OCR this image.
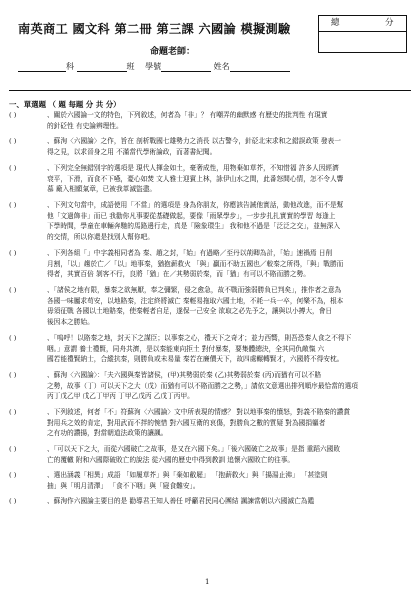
南英商工 國文科 第二冊 第三課 六國論 模擬測驗	總	分
命題老師：
科	班 學號	姓名
一、單選題 （ 題 每題 分 共 分）
( )	、關於六國論一文的特色，下列敘述，何者為「非」？ 有嘲弄的幽默感 有歷史的批判性 有現實
的針砭性 有史論辨理性。
( )	、蘇洵〈六國論〉之作，旨在 剖析戰國七雄勢力之消長 以古警今，針砭北宋求和之錯誤政策 發表一
得之見，以求晉身之用 不滿當代學術論政，而著書紀聞。
( )	、下列完全無錯別字的選項是 現代人揮金如土，豪奢成性，用物棄如草芥，不知惜福 許多人因經濟
衰平，下滑，而食不下嚥，憂心如焚 文人雅士迎賓上林，詠伊山水之間，此番怒間心情，怎不令人響
慕 廠入相願氣章，已被我革滅盜盡。
( )	、下列文句當中，成語使用「不當」的選項是 身為你朋友，你應該告誡他實話，動他改進，而不是幫
他「文過飾非」而已 我勸你凡事要從基礎做起，要像「雨眾學步」，一步步扎扎實實的學習 每逢上
下學時間，學童在車輛奔馳的馬路邊行走，真是「險象環生」 我和他不過是「泛泛之交」，並無深入
的交情，所以你還是找別人幫你吧。
( )	、下列各組「」中字義相同者為 秦、趙之封，「始」有過略／至丹以荊卿為計，「始」速禍焉 日削
月割，「以」趨於亡／「以」地事秦，猶抱薪救火 「與」贏而不助五國也／較秦之所得，「與」戰勝而
得者，其實百倍 剝客不行，良將「猶」在／其勢弱於秦，而「猶」有可以不賂而勝之勢。
( )	、「諸侯之地有限，暴秦之欲無厭，奉之彌繁，侵之愈急，故不戰而強弱勝負已判矣」，推作者之意為
各國一味屬求苟安，以地賂秦，注定終將滅亡 秦輕易拖取六國土地，不耗一兵一卒，何樂不為，根本
毋須征戰 各國以土地賂秦，使秦輕者自足，遂保一己安全 欲取之必先予之，讓與以小搏大，會日
後因本之勝始。
( )	、「嗚呼！以賂秦之地，封天下之謀臣；以事秦之心，禮天下之奇才；並力西嚮，則吾恐秦人食之不得下
咽。」意謂 養士禮賢，同舟共濟，是以秦能東向拒土 對付暴秦，要集體總決，全其同仇敵愾 六
國若能禮賢納士，合縱抗秦，則勝負或未易量 秦若在廉價天下，故四處輾轉賢才，六國將不得安枕。
( )	、蘇洵〈六國論〉：「夫六國與秦皆諸侯，(甲)其勢弱於秦 (乙)其勢弱於秦 (丙)而猶有可以不賂
之勢，故事（丁）可以天下之大（戊）而猶有可以不賂而勝之之勢，」請依文意選出排列順序最恰當的選項
丙丁戊乙甲 戊乙丁甲丙 丁甲乙戊丙 乙戊丁丙甲。
( )	、下列敘述，何者「不」符蘇洵〈六國論〉文中所表現的情感？ 對以地事秦的憤怒，對義不賂秦的讚賞
對用兵之效的肯定，對用武而不拌的惋惜 對六國互衛的哀傷，對勝負之數的質疑 對為國捐軀者
之有功的讚揚，對當朝道法政策的讓諷。
( )	、「可以天下之大，而從六國破亡之故事，是又在六國下矣。」「後六國破亡之故事」是指 重蹈六國敗
亡的覆轍 附和六國際破敗亡的說法 從六國的歷史中得到教訓 追懷六國敗亡的往事。
( )	、選出涵義「相異」成語 「如履草芥」與「棄如敝屣」 「抱薪救火」與「揚湯止沸」 「甚塗則
抽」與「明月清澤」 「食不下咽」與「寢食難安」。
( )	、蘇洵作六國論主要目的是 勸導君王知人善任 呼籲君民同心團結 諷諫當朝以六國滅亡為鑑
1
